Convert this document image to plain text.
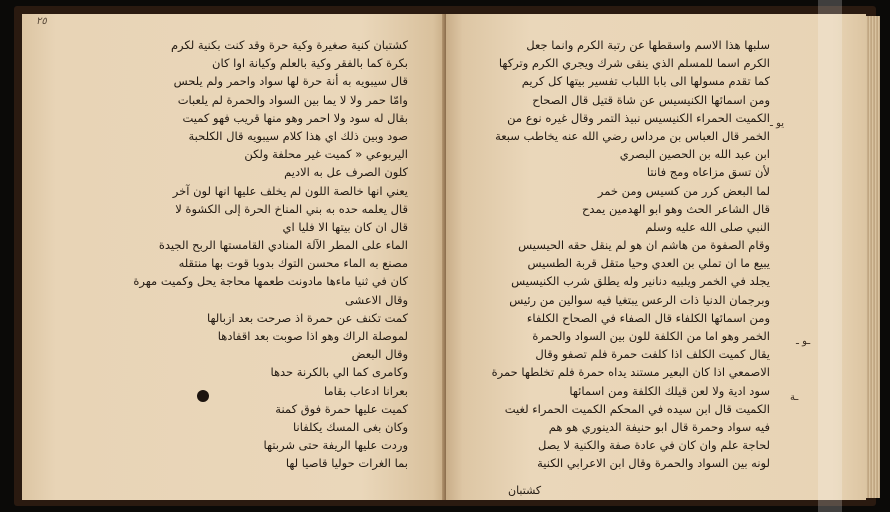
٢٥
كشتبان كنية صغيرة وكية حرة وقد كنت بكنية لكرم
بكرة كما بالفقر وكية بالعلم وكيانة اوا كان
قال سيبويه به أنة حرة لها سواد واحمر ولم يلحس
وامّا حمر ولا لا يما بين السواد والحمرة لم يلعبات
بقال له سود ولا احمر وهو منها قريب فهو كميت
صود وبين ذلك اي هذا كلام سيبويه قال الكلحبة
اليربوعي « كميت غير محلفة ولكن
كلون الصرف عل به الاديم
يعني انها خالصة اللون لم يخلف عليها انها لون آخر
قال يعلمه حده به بني المناخ الحرة إلى الكشوة لا
قال ان كان بيتها الا فليا اي
الماء على المطر الآلة المنادي القامستها الربح الجيدة
مصنع به الماء محسن التوك بدوبا قوت بها منتقله
كان في ثنيا ماءها مادونت طعمها محاجة يحل وكميت مهرة
وقال الاعشى
كمت تكنف عن حمرة اذ صرحت بعد ازبالها
لموصلة الراك وهو اذا صوبت بعد اقفادها
وقال البعض
وكامرى كما الي بالكرنة حدها
بعرانا ادعاب بقاما
كميت عليها حمرة فوق كمنة
وكان بغى المسك يكلفانا
وردت عليها الريفة حتى شربتها
بما الغرات حوليا قاصيا لها
سلبها هذا الاسم واسقطها عن رتبة الكرم وانما جعل
الكرم اسما للمسلم الذي ينقى شرك ويجري الكرم وتركها
كما تقدم مسولها الى بابا اللباب تفسير بيتها كل كريم
ومن اسمائها الكنيسيس عن شاة قتيل قال الصحاح
الكميت الحمراء الكنيسيس نبيذ التمر وقال غيره نوع من
الخمر قال العباس بن مرداس رضي الله عنه يخاطب سبعة
ابن عبد الله بن الحصين البصري
لأن تسق مزاعاه ومج فانتا
لما البعض كرر من كسيس ومن خمر
قال الشاعر الحث وهو ابو الهدمين يمدح
النبي صلى الله عليه وسلم
وقام الصفوة من هاشم ان هو لم ينقل حقه الحيسيس
يبيع ما ان تملي بن العدي وحيا متقل قربة الطسيس
يجلد في الخمر ويلبيه دنانير وله يطلق شرب الكنيسيس
وبرجمان الدنيا ذات الرعس يبتغيا فيه سوالين من رئيس
ومن اسمائها الكلفاء قال الصفاء في الصحاح الكلفاء
الخمر وهو اما من الكلفة للون بين السواد والحمرة
يقال كميت الكلف اذا كلفت حمرة فلم تصفو وقال
الاصمعي اذا كان البعير مستند يداه حمرة فلم تخلطها حمرة
سود ادية ولا لعن قيلك الكلفة ومن اسمائها
الكميت قال ابن سيده في المحكم الكميت الحمراء لغيت
فيه سواد وحمرة قال ابو حنيفة الدينوري هو هم
لحاجة علم وان كان في عادة صفة والكنية لا يصل
لونه بين السواد والحمرة وقال ابن الاعرابي الكنية
يو ـ
ـو ـ
ـة
كشتبان
